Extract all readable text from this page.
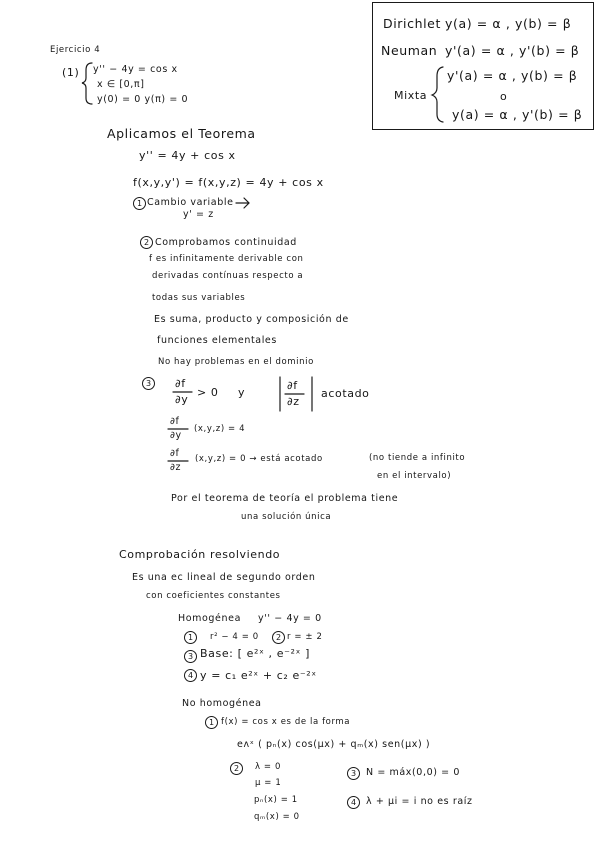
Dirichlet y(a) = α , y(b) = β
Neuman y'(a) = α , y'(b) = β
Mixta
y'(a) = α , y(b) = β
o
y(a) = α , y'(b) = β
Ejercicio 4
(1) y'' − 4y = cos x
x ∈ [0,π]
y(0) = 0 y(π) = 0
Aplicamos el Teorema
y'' = 4y + cos x
f(x,y,y') = f(x,y,z) = 4y + cos x
1 Cambio variable
y' = z
2 Comprobamos continuidad
f es infinitamente derivable con
derivadas contínuas respecto a
todas sus variables
Es suma, producto y composición de
funciones elementales
No hay problemas en el dominio
3	∂f
∂y
> 0 y
∂f
∂z
acotado
∂f
∂y
(x,y,z) = 4
∂f
∂z
(x,y,z) = 0 → está acotado	(no tiende a infinito
en el intervalo)
Por el teorema de teoría el problema tiene
una solución única
Comprobación resolviendo
Es una ec lineal de segundo orden
con coeficientes constantes
Homogénea y'' − 4y = 0
1	r² − 4 = 0	2 r = ± 2
3 Base: [ e²ˣ , e⁻²ˣ ]
4 y = c₁ e²ˣ + c₂ e⁻²ˣ
No homogénea
1 f(x) = cos x es de la forma
eᴧˣ ( pₙ(x) cos(μx) + qₘ(x) sen(μx) )
2	λ = 0
μ = 1
pₙ(x) = 1
qₘ(x) = 0
3	N = máx(0,0) = 0
4	λ + μi = i no es raíz
